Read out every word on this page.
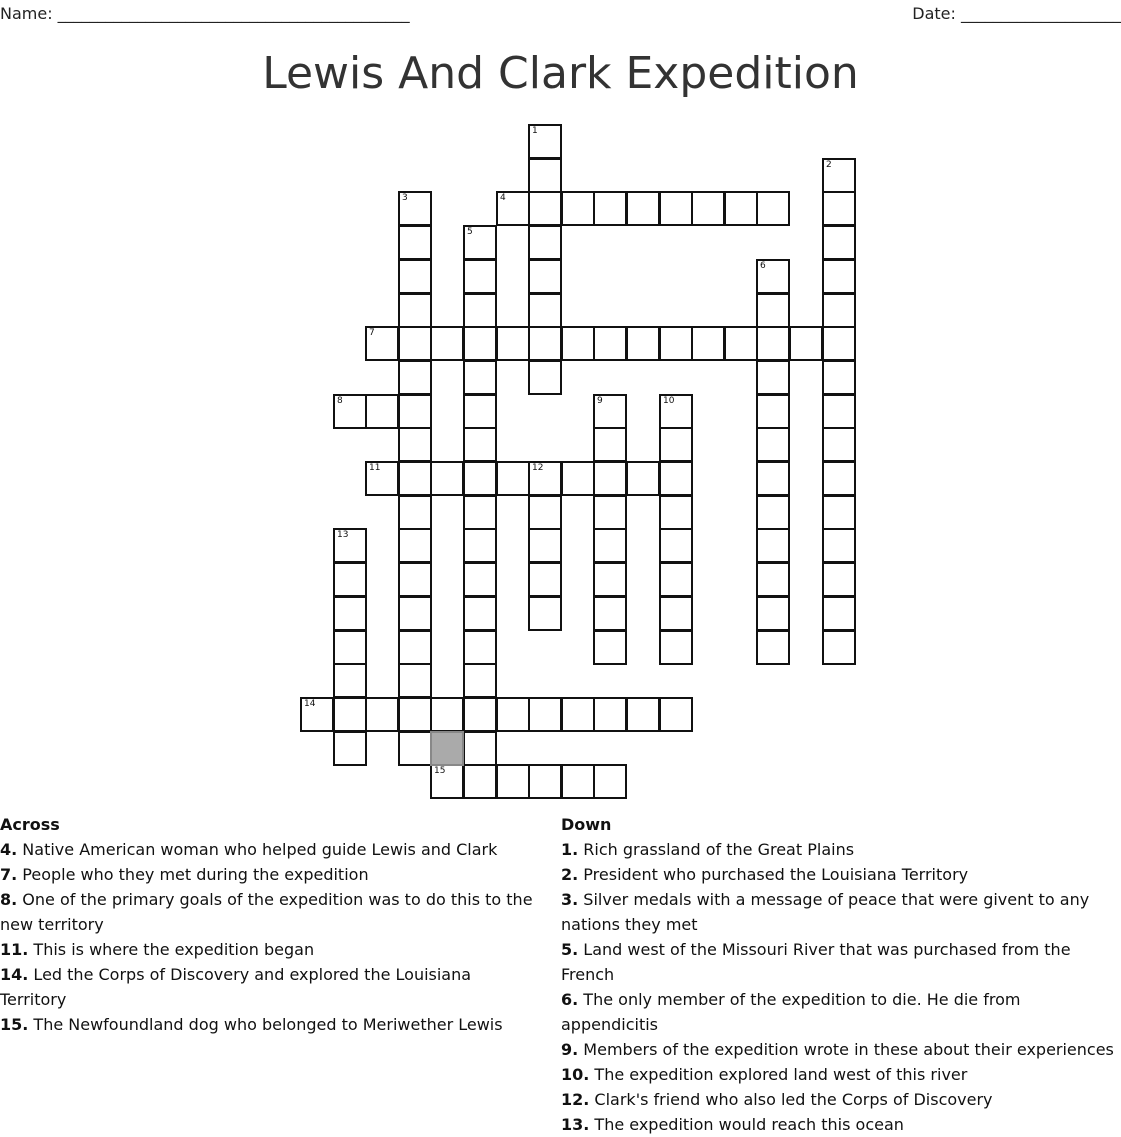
Name: ____________________________________________	Date: ____________________
Lewis And Clark Expedition
1
2
3	4
5
6
7
8	9	10
11	12
13
14
15
Across
4. Native American woman who helped guide Lewis and Clark
7. People who they met during the expedition
8. One of the primary goals of the expedition was to do this to the new territory
11. This is where the expedition began
14. Led the Corps of Discovery and explored the Louisiana Territory
15. The Newfoundland dog who belonged to Meriwether Lewis
Down
1. Rich grassland of the Great Plains
2. President who purchased the Louisiana Territory
3. Silver medals with a message of peace that were givent to any nations they met
5. Land west of the Missouri River that was purchased from the French
6. The only member of the expedition to die. He die from appendicitis
9. Members of the expedition wrote in these about their experiences
10. The expedition explored land west of this river
12. Clark's friend who also led the Corps of Discovery
13. The expedition would reach this ocean
